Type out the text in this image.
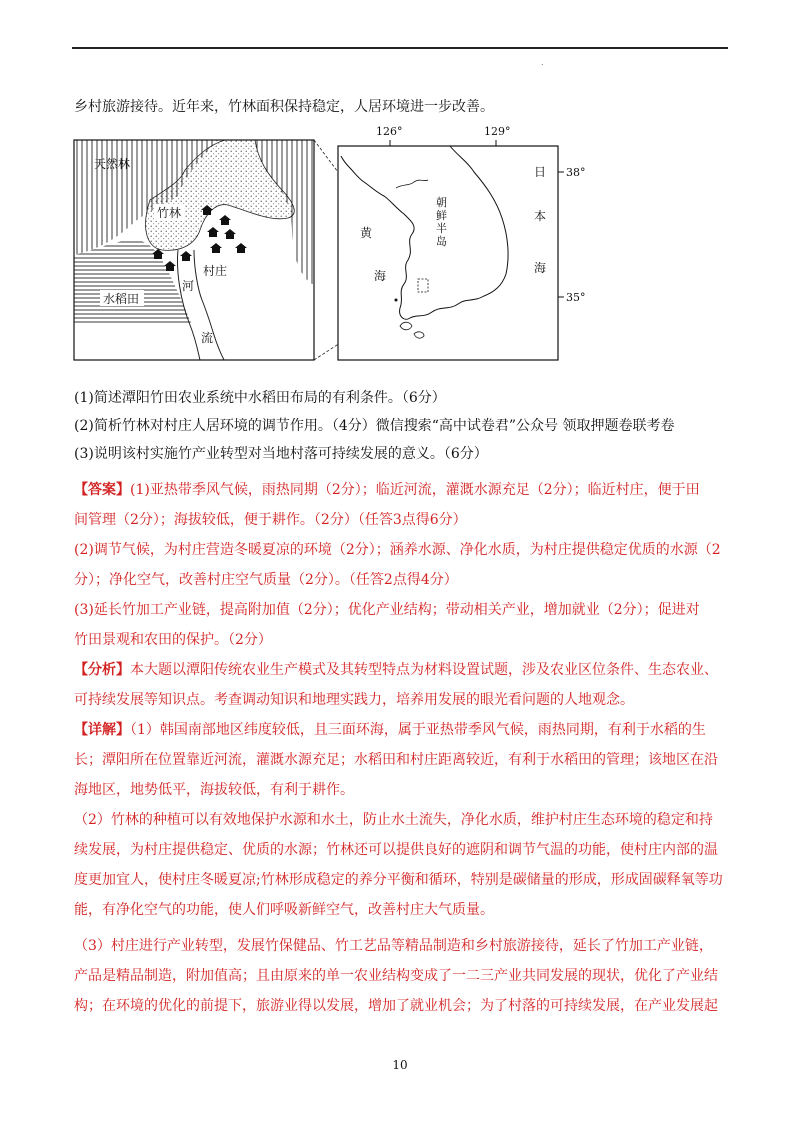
.
乡村旅游接待。近年来，竹林面积保持稳定，人居环境进一步改善。
天然林
竹林
村庄
水稻田
河
流
126°	129°
38°
35°
黄
海
日
本
海
朝
鲜
半
岛
(1)简述潭阳竹田农业系统中水稻田布局的有利条件。（6分）
(2)简析竹林对村庄人居环境的调节作用。（4分）微信搜索“高中试卷君”公众号 领取押题卷联考卷
(3)说明该村实施竹产业转型对当地村落可持续发展的意义。（6分）
【答案】(1)亚热带季风气候，雨热同期（2分）；临近河流，灌溉水源充足（2分）；临近村庄，便于田
间管理（2分）；海拔较低，便于耕作。（2分）（任答3点得6分）
(2)调节气候，为村庄营造冬暖夏凉的环境（2分）；涵养水源、净化水质，为村庄提供稳定优质的水源（2
分）；净化空气，改善村庄空气质量（2分）。（任答2点得4分）
(3)延长竹加工产业链，提高附加值（2分）；优化产业结构；带动相关产业，增加就业（2分）；促进对
竹田景观和农田的保护。（2分）
【分析】本大题以潭阳传统农业生产模式及其转型特点为材料设置试题，涉及农业区位条件、生态农业、
可持续发展等知识点。考查调动知识和地理实践力，培养用发展的眼光看问题的人地观念。
【详解】（1）韩国南部地区纬度较低，且三面环海，属于亚热带季风气候，雨热同期，有利于水稻的生
长；潭阳所在位置靠近河流，灌溉水源充足；水稻田和村庄距离较近，有利于水稻田的管理；该地区在沿
海地区，地势低平，海拔较低，有利于耕作。
（2）竹林的种植可以有效地保护水源和水土，防止水土流失，净化水质，维护村庄生态环境的稳定和持
续发展，为村庄提供稳定、优质的水源；竹林还可以提供良好的遮阴和调节气温的功能，使村庄内部的温
度更加宜人，使村庄冬暖夏凉;竹林形成稳定的养分平衡和循环，特别是碳储量的形成，形成固碳释氧等功
能，有净化空气的功能，使人们呼吸新鲜空气，改善村庄大气质量。
（3）村庄进行产业转型，发展竹保健品、竹工艺品等精品制造和乡村旅游接待，延长了竹加工产业链，
产品是精品制造，附加值高；且由原来的单一农业结构变成了一二三产业共同发展的现状，优化了产业结
构；在环境的优化的前提下，旅游业得以发展，增加了就业机会；为了村落的可持续发展，在产业发展起
10
